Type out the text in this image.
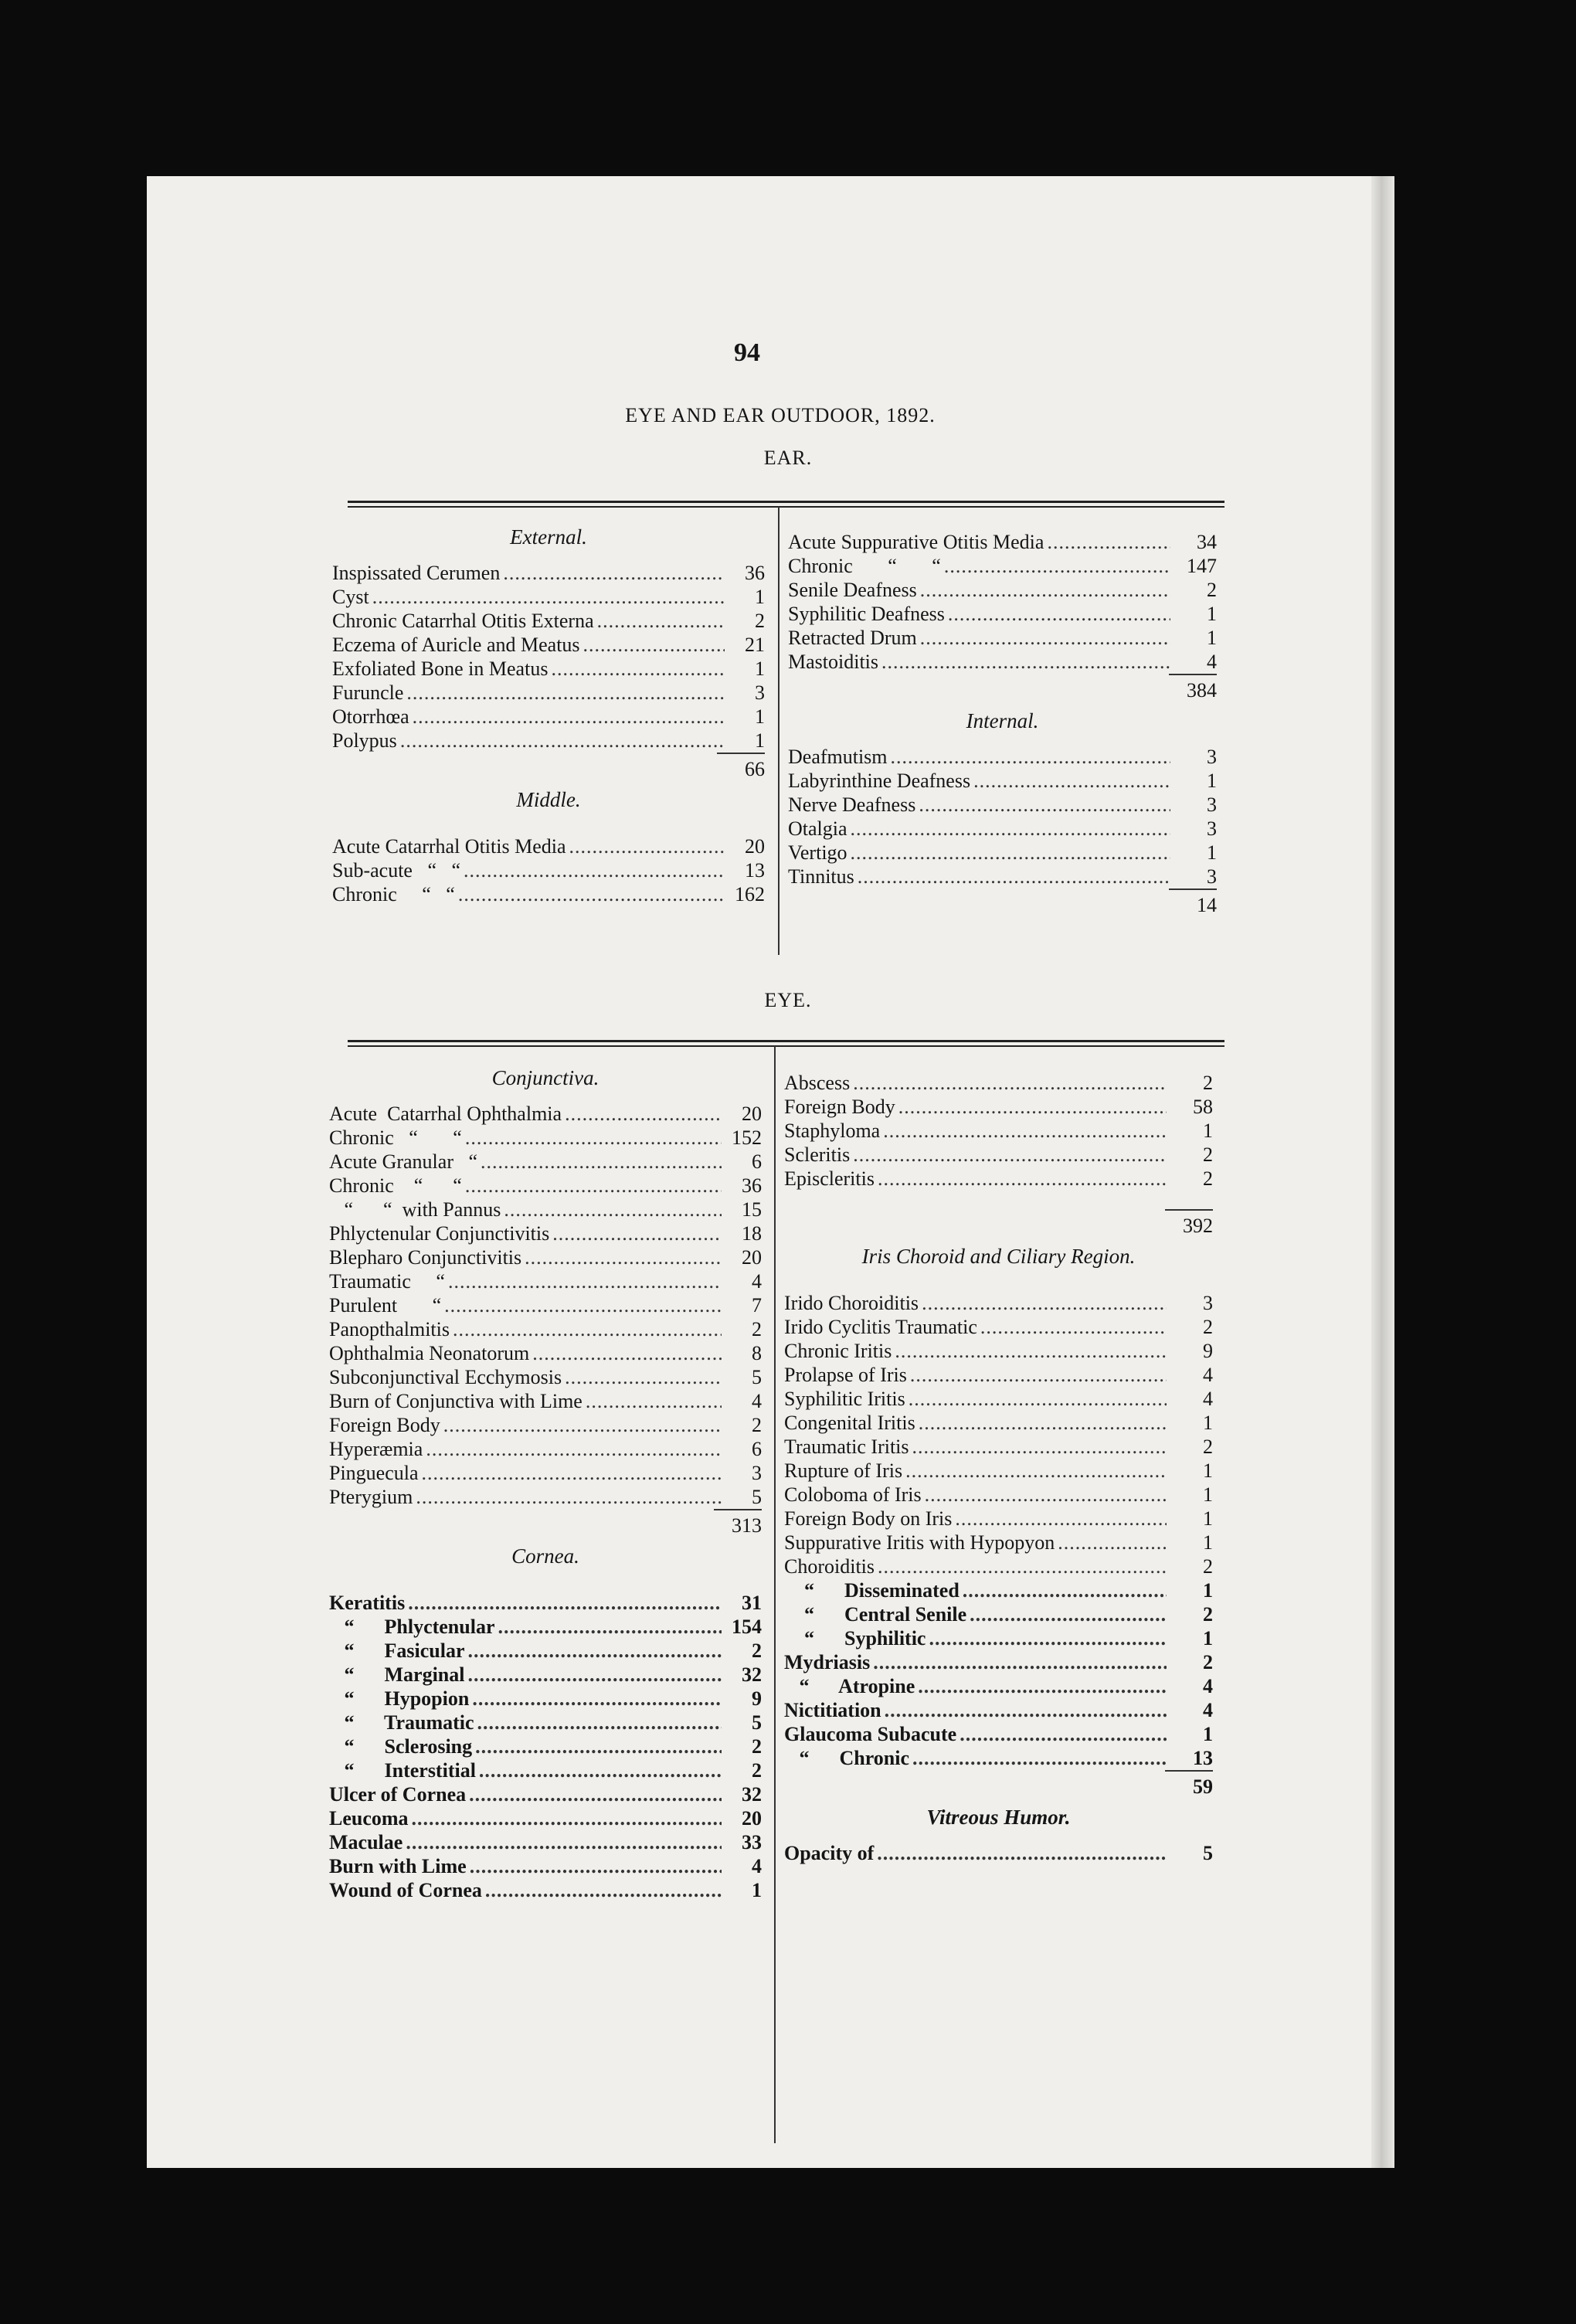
94
EYE AND EAR OUTDOOR, 1892.
EAR.
External.
Inspissated Cerumen .....	36
Cyst .....	1
Chronic Catarrhal Otitis Externa .....	2
Eczema of Auricle and Meatus .....	21
Exfoliated Bone in Meatus .....	1
Furuncle .....	3
Otorrhœa .....	1
Polypus .....	1
66
Middle.
Acute Catarrhal Otitis Media .....	20
Sub-acute   “   “ .....	13
Chronic     “   “ .....	162
Acute Suppurative Otitis Media .....	34
Chronic       “       “ .....	147
Senile Deafness .....	2
Syphilitic Deafness .....	1
Retracted Drum .....	1
Mastoiditis .....	4
384
Internal.
Deafmutism .....	3
Labyrinthine Deafness .....	1
Nerve Deafness .....	3
Otalgia .....	3
Vertigo .....	1
Tinnitus .....	3
14
EYE.
Conjunctiva.
Acute  Catarrhal Ophthalmia .....	20
Chronic   “       “ .....	152
Acute Granular   “ .....	6
Chronic    “      “ .....	36
“      “  with Pannus .....	15
Phlyctenular Conjunctivitis .....	18
Blepharo Conjunctivitis .....	20
Traumatic     “ .....	4
Purulent       “ .....	7
Panopthalmitis .....	2
Ophthalmia Neonatorum .....	8
Subconjunctival Ecchymosis .....	5
Burn of Conjunctiva with Lime .....	4
Foreign Body .....	2
Hyperæmia .....	6
Pinguecula .....	3
Pterygium .....	5
313
Cornea.
Keratitis .....	31
“      Phlyctenular .....	154
“      Fasicular .....	2
“      Marginal .....	32
“      Hypopion .....	9
“      Traumatic .....	5
“      Sclerosing .....	2
“      Interstitial .....	2
Ulcer of Cornea .....	32
Leucoma .....	20
Maculae .....	33
Burn with Lime .....	4
Wound of Cornea .....	1
Abscess .....	2
Foreign Body .....	58
Staphyloma .....	1
Scleritis .....	2
Episcleritis .....	2
392
Iris Choroid and Ciliary Region.
Irido Choroiditis .....	3
Irido Cyclitis Traumatic .....	2
Chronic Iritis .....	9
Prolapse of Iris .....	4
Syphilitic Iritis .....	4
Congenital Iritis .....	1
Traumatic Iritis .....	2
Rupture of Iris .....	1
Coloboma of Iris .....	1
Foreign Body on Iris .....	1
Suppurative Iritis with Hypopyon .....	1
Choroiditis .....	2
“      Disseminated .....	1
“      Central Senile .....	2
“      Syphilitic .....	1
Mydriasis .....	2
“      Atropine .....	4
Nictitiation .....	4
Glaucoma Subacute .....	1
“      Chronic .....	13
59
Vitreous Humor.
Opacity of .....	5
